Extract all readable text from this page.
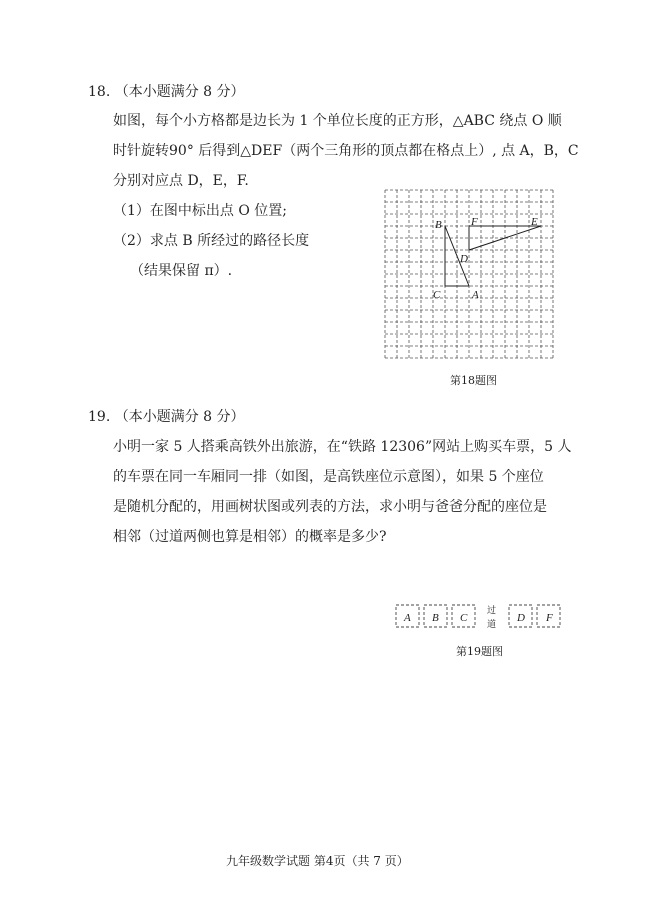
18. （本小题满分 8 分）
如图，每个小方格都是边长为 1 个单位长度的正方形，△ABC 绕点 O 顺
时针旋转90° 后得到△DEF（两个三角形的顶点都在格点上）, 点 A，B，C
分别对应点 D，E，F.
（1）在图中标出点 O 位置;
（2）求点 B 所经过的路径长度
（结果保留 π）.
B	F	E
D
C	A
第18题图
19. （本小题满分 8 分）
小明一家 5 人搭乘高铁外出旅游，在“铁路 12306”网站上购买车票，5 人
的车票在同一车厢同一排（如图，是高铁座位示意图），如果 5 个座位
是随机分配的，用画树状图或列表的方法，求小明与爸爸分配的座位是
相邻（过道两侧也算是相邻）的概率是多少?
A B C	D F
过
道
第19题图
九年级数学试题 第4页（共 7 页）
